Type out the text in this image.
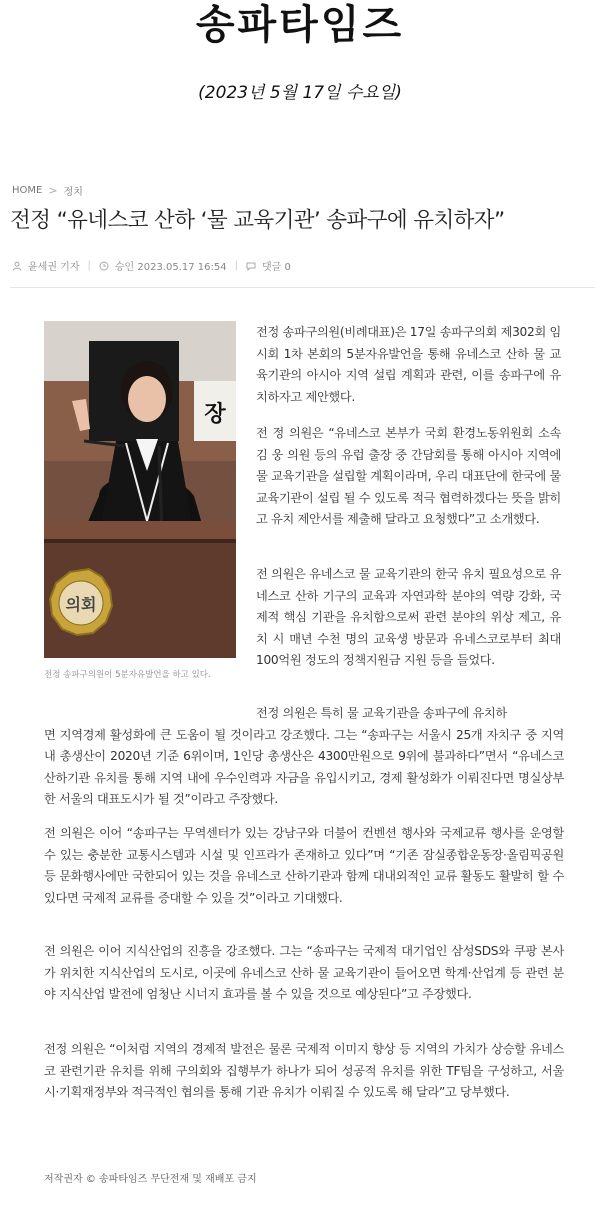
송파타임즈
(2023년 5월 17일 수요일)
HOME > 정치
전정 “유네스코 산하 ‘물 교육기관’ 송파구에 유치하자”
윤세권 기자 | 승인 2023.05.17 16:54 | 댓글 0
장
의회
전정 송파구의원이 5분자유발언을 하고 있다.

전정 송파구의원(비례대표)은 17일 송파구의회 제302회 임시회 1차 본회의 5분자유발언을 통해 유네스코 산하 물 교육기관의 아시아 지역 설립 계획과 관련, 이를 송파구에 유치하자고 제안했다.

전 정 의원은 “유네스코 본부가 국회 환경노동위원회 소속 김 웅 의원 등의 유럽 출장 중 간담회를 통해 아시아 지역에 물 교육기관을 설립할 계획이라며, 우리 대표단에 한국에 물 교육기관이 설립 될 수 있도록 적극 협력하겠다는 뜻을 밝히고 유치 제안서를 제출해 달라고 요청했다”고 소개했다.

전 의원은 유네스코 물 교육기관의 한국 유치 필요성으로 유네스코 산하 기구의 교육과 자연과학 분야의 역량 강화, 국제적 핵심 기관을 유치함으로써 관련 분야의 위상 제고, 유치 시 매년 수천 명의 교육생 방문과 유네스코로부터 최대 100억원 정도의 정책지원금 지원 등을 들었다.

전정 의원은 특히 물 교육기관을 송파구에 유치하
면 지역경제 활성화에 큰 도움이 될 것이라고 강조했다. 그는 “송파구는 서울시 25개 자치구 중 지역 내 총생산이 2020년 기준 6위이며, 1인당 총생산은 4300만원으로 9위에 불과하다”면서 “유네스코 산하기관 유치를 통해 지역 내에 우수인력과 자금을 유입시키고, 경제 활성화가 이뤄진다면 명실상부한 서울의 대표도시가 될 것”이라고 주장했다.

전 의원은 이어 “송파구는 무역센터가 있는 강남구와 더불어 컨벤션 행사와 국제교류 행사를 운영할 수 있는 충분한 교통시스템과 시설 및 인프라가 존재하고 있다”며 “기존 잠실종합운동장·올림픽공원 등 문화행사에만 국한되어 있는 것을 유네스코 산하기관과 함께 대내외적인 교류 활동도 활발히 할 수 있다면 국제적 교류를 증대할 수 있을 것”이라고 기대했다.

전 의원은 이어 지식산업의 진흥을 강조했다. 그는 “송파구는 국제적 대기업인 삼성SDS와 쿠팡 본사가 위치한 지식산업의 도시로, 이곳에 유네스코 산하 물 교육기관이 들어오면 학계·산업계 등 관련 분야 지식산업 발전에 엄청난 시너지 효과를 볼 수 있을 것으로 예상된다”고 주장했다.

전정 의원은 “이처럼 지역의 경제적 발전은 물론 국제적 이미지 향상 등 지역의 가치가 상승할 유네스코 관련기관 유치를 위해 구의회와 집행부가 하나가 되어 성공적 유치를 위한 TF팀을 구성하고, 서울시·기획재정부와 적극적인 협의를 통해 기관 유치가 이뤄질 수 있도록 해 달라”고 당부했다.

저작권자 © 송파타임즈 무단전재 및 재배포 금지
